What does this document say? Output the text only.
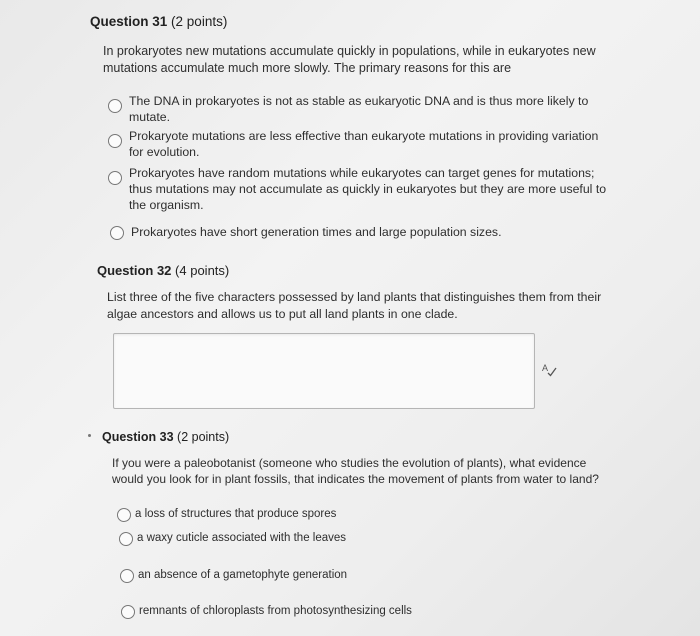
Question 31 (2 points)
In prokaryotes new mutations accumulate quickly in populations, while in eukaryotes new
mutations accumulate much more slowly. The primary reasons for this are
The DNA in prokaryotes is not as stable as eukaryotic DNA and is thus more likely to
mutate.
Prokaryote mutations are less effective than eukaryote mutations in providing variation
for evolution.
Prokaryotes have random mutations while eukaryotes can target genes for mutations;
thus mutations may not accumulate as quickly in eukaryotes but they are more useful to
the organism.
Prokaryotes have short generation times and large population sizes.
Question 32 (4 points)
List three of the five characters possessed by land plants that distinguishes them from their
algae ancestors and allows us to put all land plants in one clade.
A
Question 33 (2 points)
If you were a paleobotanist (someone who studies the evolution of plants), what evidence
would you look for in plant fossils, that indicates the movement of plants from water to land?
a loss of structures that produce spores
a waxy cuticle associated with the leaves
an absence of a gametophyte generation
remnants of chloroplasts from photosynthesizing cells
